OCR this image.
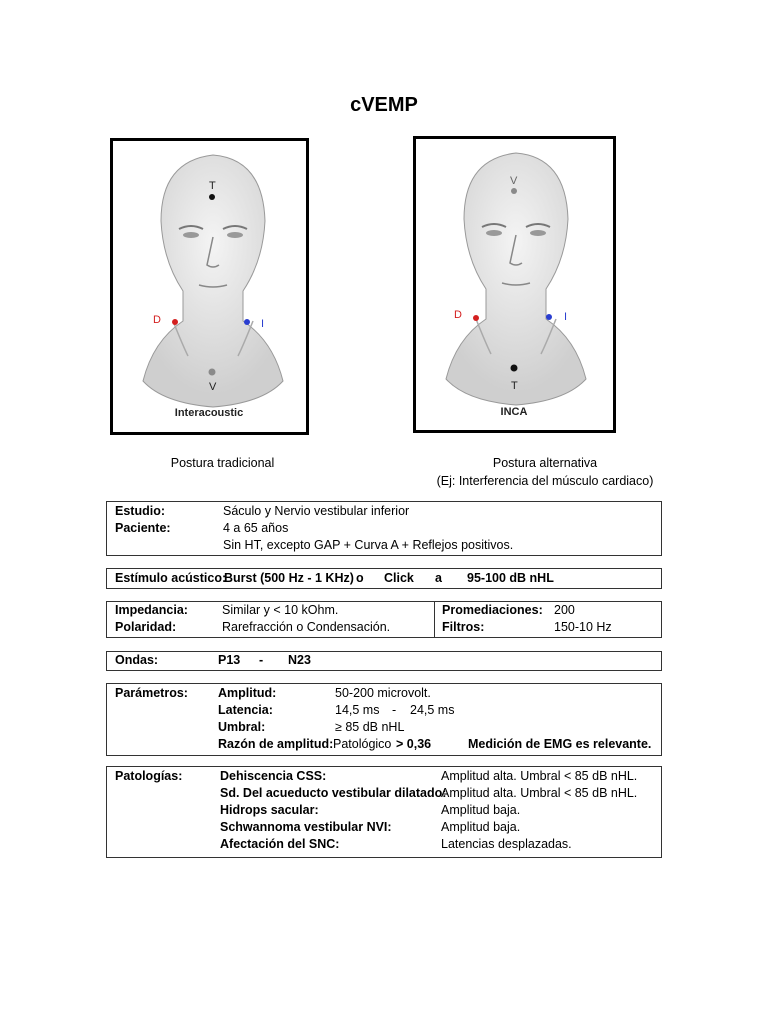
cVEMP
T
D	I
V
Interacoustic
V
D	I
T
INCA
Postura tradicional	Postura alternativa
(Ej: Interferencia del músculo cardiaco)
Estudio:	Sáculo y Nervio vestibular inferior
Paciente:	4 a 65 años
Sin HT, excepto GAP + Curva A + Reflejos positivos.
Estímulo acústico:
Burst (500 Hz - 1 KHz) o Click a 95-100 dB nHL
Impedancia:	Similar y < 10 kOhm.
Polaridad:	Rarefracción o Condensación.
Promediaciones: 200
Filtros:	150-10 Hz
Ondas:	P13 - N23
Parámetros: Amplitud:	50-200 microvolt.
Latencia:	14,5 ms - 24,5 ms
Umbral:	≥ 85 dB nHL
Razón de amplitud: Patológico > 0,36	Medición de EMG es relevante.
Patologías:	Dehiscencia CSS:	Amplitud alta. Umbral < 85 dB nHL.
Sd. Del acueducto vestibular dilatado:
Amplitud alta. Umbral < 85 dB nHL.
Hidrops sacular:	Amplitud baja.
Schwannoma vestibular NVI:	Amplitud baja.
Afectación del SNC:	Latencias desplazadas.
